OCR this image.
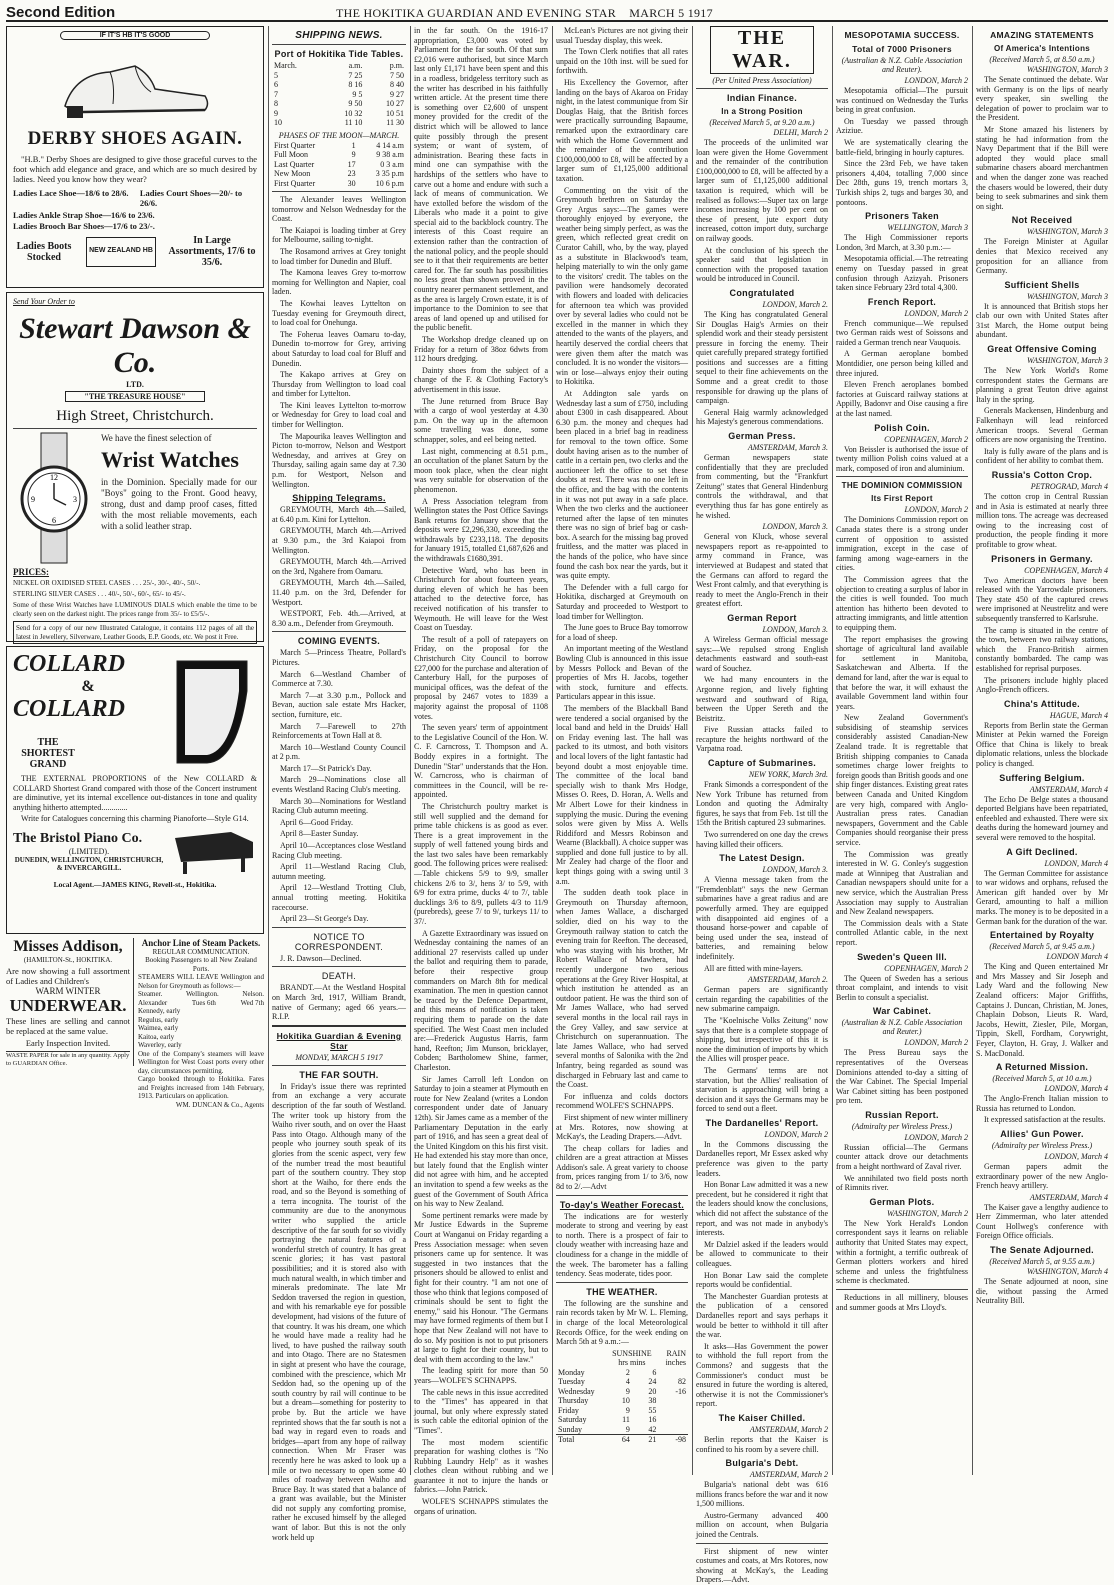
Second Edition	THE HOKITIKA GUARDIAN AND EVENING STAR MARCH 5 1917
IF IT'S HB IT'S GOOD
DERBY SHOES AGAIN.
"H.B." Derby Shoes are designed to give those graceful curves to the foot which add elegance and grace, and which are so much desired by ladies. Need you know how they wear?
Ladies Lace Shoe—18/6 to 28/6. Ladies Court Shoes—20/- to 26/6.
Ladies Ankle Strap Shoe—16/6 to 23/6.
Ladies Brooch Bar Shoes—17/6 to 23/-.
Ladies Boots Stocked
NEW ZEALAND HB
In Large Assortments, 17/6 to 35/6.
Send Your Order to
Stewart Dawson & Co.
LTD.
"THE TREASURE HOUSE"
High Street, Christchurch.
12
3
6
9
We have the finest selection of
Wrist Watches
in the Dominion. Specially made for our "Boys" going to the Front. Good heavy, strong, dust and damp proof cases, fitted with the most reliable movements, each with a solid leather strap.
PRICES:
NICKEL OR OXIDISED STEEL CASES . . . 25/-, 30/-, 40/-, 50/-.
STERLING SILVER CASES . . . 40/-, 50/-, 60/-, 65/- to 45/-.
Some of these Wrist Watches have LUMINOUS DIALS which enable the time to be clearly seen on the darkest night. The prices range from 35/- to £5/5/-.
Send for a copy of our new Illustrated Catalogue, it contains 112 pages of all the latest in Jewellery, Silverware, Leather Goods, E.P. Goods, etc. We post it Free.
COLLARD
&
COLLARD
THE SHORTEST GRAND
THE EXTERNAL PROPORTIONS of the New COLLARD & COLLARD Shortest Grand compared with those of the Concert instrument are diminutive, yet its internal excellence out-distances in tone and quality anything hitherto attempted.............
Write for Catalogues concerning this charming Pianoforte—Style G14.
The Bristol Piano Co.
(LIMITED).
DUNEDIN, WELLINGTON, CHRISTCHURCH, & INVERCARGILL.
Local Agent.—JAMES KING, Revell-st., Hokitika.
Misses Addison,
(HAMILTON-St., HOKITIKA.
Are now showing a full assortment of Ladies and Children's
WARM WINTER
UNDERWEAR.
These lines are selling and cannot be replaced at the same value.
Early Inspection Invited.
WASTE PAPER for sale in any quantity. Apply to GUARDIAN Office.
Anchor Line of Steam Packets.
REGULAR COMMUNICATION.
Booking Passengers to all New Zealand Ports.
STEAMERS WILL LEAVE Wellington and Nelson for Greymouth as follows:—
Steamer.	Wellington.	Nelson.
Alexander	Tues 6th	Wed 7th
Kennedy, early
Regulus, early
Waimea, early
Kaitoa, early
Waverley, early
One of the Company's steamers will leave Wellington for West Coast ports every other day, circumstances permitting.
Cargo booked through to Hokitika. Fares and Freights increased from 14th February, 1913. Particulars on application.
WM. DUNCAN & Co., Agents
SHIPPING NEWS.
Port of Hokitika Tide Tables.
March.	a.m.	p.m.
5	7 25	7 50
6	8 16	8 40
7	9 5	9 27
8	9 50	10 27
9	10 32	10 51
10	11 10	11 30
PHASES OF THE MOON—MARCH.
First Quarter	1	4 14 a.m
Full Moon	9	9 38 a.m
Last Quarter	17	0 3 a.m
New Moon	23	3 35 p.m
First Quarter	30	10 6 p.m
The Alexander leaves Wellington tomorrow and Nelson Wednesday for the Coast.
The Kaiapoi is loading timber at Grey for Melbourne, sailing to-night.
The Rosamond arrives at Grey tonight to load timber for Dunedin and Bluff.
The Kamona leaves Grey to-morrow morning for Wellington and Napier, coal laden.
The Kowhai leaves Lyttelton on Tuesday evening for Greymouth direct, to load coal for Onehunga.
The Foherua leaves Oamaru to-day, Dunedin to-morrow for Grey, arriving about Saturday to load coal for Bluff and Dunedin.
The Kakapo arrives at Grey on Thursday from Wellington to load coal and timber for Lyttelton.
The Kini leaves Lyttelton to-morrow or Wednesday for Grey to load coal and timber for Wellington.
The Mapourika leaves Wellington and Picton to-morrow, Nelson and Westport Wednesday, and arrives at Grey on Thursday, sailing again same day at 7.30 p.m. for Westport, Nelson and Wellington.
Shipping Telegrams.
GREYMOUTH, March 4th.—Sailed, at 6.40 p.m. Kini for Lyttelton.
GREYMOUTH, March 4th.—Arrived at 9.30 p.m., the 3rd Kaiapoi from Wellington.
GREYMOUTH, March 4th.—Arrived on the 3rd, Ngahere from Oamaru.
GREYMOUTH, March 4th.—Sailed, 11.40 p.m. on the 3rd, Defender for Westport.
WESTPORT, Feb. 4th.—Arrived, at 8.30 a.m., Defender from Greymouth.
COMING EVENTS.
March 5—Princess Theatre, Pollard's Pictures.
March 6—Westland Chamber of Commerce at 7.30.
March 7—at 3.30 p.m., Pollock and Bevan, auction sale estate Mrs Hacker, section, furniture, etc.
March 7—Farewell to 27th Reinforcements at Town Hall at 8.
March 10—Westland County Council at 2 p.m.
March 17—St Patrick's Day.
March 29—Nominations close all events Westland Racing Club's meeting.
March 30—Nominations for Westland Racing Club autumn meeting.
April 6—Good Friday.
April 8—Easter Sunday.
April 10—Acceptances close Westland Racing Club meeting.
April 11—Westland Racing Club, autumn meeting.
April 12—Westland Trotting Club, annual trotting meeting. Hokitika racecourse.
April 23—St George's Day.
NOTICE TO CORRESPONDENT.
J. R. Dawson—Declined.
DEATH.
BRANDT.—At the Westland Hospital on March 3rd, 1917, William Brandt, native of Germany; aged 66 years.—R.I.P.
Hokitika Guardian & Evening Star
MONDAY, MARCH 5 1917
THE FAR SOUTH.
In Friday's issue there was reprinted from an exchange a very accurate description of the far south of Westland. The writer took up history from the Waiho river south, and on over the Haast Pass into Otago. Although many of the people who journey south speak of its glories from the scenic aspect, very few of the number tread the most beautiful part of the southern country. They stop short at the Waiho, for there ends the road, and so the Beyond is something of a terra incognita. The tourist of the community are due to the anonymous writer who supplied the article descriptive of the far south for so vividly portraying the natural features of a wonderful stretch of country. It has great scenic glories; it has vast pastoral possibilities; and it is stored also with much natural wealth, in which timber and minerals predominate. The late Mr Seddon traversed the region in question, and with his remarkable eye for possible development, had visions of the future of that country. It was his dream, one which he would have made a reality had he lived, to have pushed the railway south and into Otago. There are no Statesmen in sight at present who have the courage, combined with the prescience, which Mr Seddon had, so the opening up of the south country by rail will continue to be but a dream—something for posterity to probe by. But the article we have reprinted shows that the far south is not a bad way in regard even to roads and bridges—apart from any hope of railway connection. When Mr Fraser was recently here he was asked to look up a mile or two necessary to open some 40 miles of roadway between Waiho and Bruce Bay. It was stated that a balance of a grant was available, but the Minister did not supply any comforting promise, rather he excused himself by the alleged want of labor. But this is not the only work held up
in the far south. On the 1916-17 appropriation, £3,000 was voted by Parliament for the far south. Of that sum £2,016 were authorised, but since March last only £1,171 have been spent and this in a roadless, bridgeless territory such as the writer has described in his faithfully written article. At the present time there is something over £2,600 of unspent money provided for the credit of the district which will be allowed to lance quite possibly through the present system; or want of system, of administration. Bearing these facts in mind one can sympathise with the hardships of the settlers who have to carve out a home and endure with such a lack of means of communication. We have extolled before the wisdom of the Liberals who made it a point to give special aid to the backblock country. The interests of this Coast require an extension rather than the contraction of the national policy, and the people should see to it that their requirements are better cared for. The far south has possibilities no less great than shown proved in the country nearer permanent settlement, and as the area is largely Crown estate, it is of importance to the Dominion to see that areas of land opened up and utilised for the public benefit.
The Workshop dredge cleaned up on Friday for a return of 38oz 6dwts from 112 hours dredging.
Dainty shoes from the subject of a change of the F. & Clothing Factory's advertisement in this issue.
The June returned from Bruce Bay with a cargo of wool yesterday at 4.30 p.m. On the way up in the afternoon some travelling was done, some schnapper, soles, and eel being netted.
Last night, commencing at 8.51 p.m., an occultation of the planet Saturn by the moon took place, when the clear night was very suitable for observation of the phenomenon.
A Press Association telegram from Wellington states the Post Office Savings Bank returns for January show that the deposits were £2,296,330, exceeding the withdrawals by £233,118. The deposits for January 1915, totalled £1,687,626 and the withdrawals £1680,391.
Detective Ward, who has been in Christchurch for about fourteen years, during eleven of which he has been attached to the detective force, has received notification of his transfer to Weymouth. He will leave for the West Coast on Tuesday.
The result of a poll of ratepayers on Friday, on the proposal for the Christchurch City Council to borrow £27,000 for the purchase and alteration of Canterbury Hall, for the purposes of municipal offices, was the defeat of the proposal by 2467 votes to 1839 a majority against the proposal of 1108 votes.
The seven years' term of appointment to the Legislative Council of the Hon. W. C. F. Carncross, T. Thompson and A. Boddy expires in a fortnight. The Dunedin "Star" understands that the Hon. W. Carncross, who is chairman of committees in the Council, will be re-appointed.
The Christchurch poultry market is still well supplied and the demand for prime table chickens is as good as ever. There is a great improvement in the supply of well fattened young birds and the last two sales have been remarkably good. The following prices were realised:—Table chickens 5/9 to 9/9, smaller chickens 2/6 to 3/, hens 3/ to 5/9, with 6/9 for extra prime, ducks 4/ to 7/, table ducklings 3/6 to 8/9, pullets 4/3 to 11/9 (purebreds), geese 7/ to 9/, turkeys 11/ to 37/.
A Gazette Extraordinary was issued on Wednesday containing the names of an additional 27 reservists called up under the ballot and requiring them to parade, before their respective group commanders on March 8th for medical examination. The men in question cannot be traced by the Defence Department, and this means of notification is taken requiring them to parade on the date specified. The West Coast men included are:—Frederick Augustus Harris, farm hand, Reefton; Jim Munson, bricklayer, Cobden; Bartholomew Shine, farmer, Charleston.
Sir James Carroll left London on Saturday to join a steamer at Plymouth en route for New Zealand (writes a London correspondent under date of January 12th). Sir James came as a member of the Parliamentary Deputation in the early part of 1916, and has seen a great deal of the United Kingdom on this his first visit. He had extended his stay more than once, but lately found that the English winter did not agree with him, and he accepted an invitation to spend a few weeks as the guest of the Government of South Africa on his way to New Zealand.
Some pertinent remarks were made by Mr Justice Edwards in the Supreme Court at Wanganui on Friday regarding a Press Association message: when seven prisoners came up for sentence. It was suggested in two instances that the prisoners should be allowed to enlist and fight for their country. "I am not one of those who think that legions composed of criminals should be sent to fight the enemy," said his Honour. "The Germans may have formed regiments of them but I hope that New Zealand will not have to do so. My position is not to put prisoners at large to fight for their country, but to deal with them according to the law."
The leading spirit for more than 50 years—WOLFE'S SCHNAPPS.
The cable news in this issue accredited to the "Times" has appeared in that journal, but only where expressly stated is such cable the editorial opinion of the "Times".
The most modern scientific preparation for washing clothes is "No Rubbing Laundry Help" as it washes clothes clean without rubbing and we guarantee it not to injure the hands or fabrics.—John Patrick.
WOLFE'S SCHNAPPS stimulates the organs of urination.
McLean's Pictures are not giving their usual Tuesday display, this week.
The Town Clerk notifies that all rates unpaid on the 10th inst. will be sued for forthwith.
His Excellency the Governor, after landing on the bays of Akaroa on Friday night, in the latest communique from Sir Douglas Haig, that the British forces were practically surrounding Bapaume, remarked upon the extraordinary care with which the Home Government and the remainder of the contribution £100,000,000 to £8, will be affected by a larger sum of £1,125,000 additional taxation.
Commenting on the visit of the Greymouth brethren on Saturday the Grey Argus says:—The games were thoroughly enjoyed by everyone, the weather being simply perfect, as was the green, which reflected great credit on Curator Cahill, who, by the way, played as a substitute in Blackwood's team, helping materially to win the only game to the visitors' credit. The tables on the pavilion were handsomely decorated with flowers and loaded with delicacies for afternoon tea which was provided over by several ladies who could not be excelled in the manner in which they attended to the wants of the players, and heartily deserved the cordial cheers that were given them after the match was concluded. It is no wonder the visitors—win or lose—always enjoy their outing to Hokitika.
At Addington sale yards on Wednesday last a sum of £750, including about £300 in cash disappeared. About 6.30 p.m. the money and cheques had been placed in a brief bag in readiness for removal to the town office. Some doubt having arisen as to the number of cattle in a certain pen, two clerks and the auctioneer left the office to set these doubts at rest. There was no one left in the office, and the bag with the contents in it was not put away in a safe place. When the two clerks and the auctioneer returned after the lapse of ten minutes there was no sign of brief bag or cash-box. A search for the missing bag proved fruitless, and the matter was placed in the hands of the police, who have since found the cash box near the yards, but it was quite empty.
The Defender with a full cargo for Hokitika, discharged at Greymouth on Saturday and proceeded to Westport to load timber for Wellington.
The June goes to Bruce Bay tomorrow for a load of sheep.
An important meeting of the Westland Bowling Club is announced in this issue by Messrs Pollock and Bevan of the properties of Mrs H. Jacobs, together with stock, furniture and effects. Particulars appear in this issue.
The members of the Blackball Band were tendered a social organised by the local band and held in the Druids' Hall on Friday evening last. The hall was packed to its utmost, and both visitors and local lovers of the light fantastic had beyond doubt a most enjoyable time. The committee of the local band specially wish to thank Mrs Hodge, Misses O. Rees, D. Horan, A. Wells and Mr Albert Lowe for their kindness in supplying the music. During the evening solos were given by Miss A. Wells Riddiford and Messrs Robinson and Wearne (Blackball). A choice supper was supplied and done full justice to by all. Mr Zealey had charge of the floor and kept things going with a swing until 3 a.m.
The sudden death took place in Greymouth on Thursday afternoon, when James Wallace, a discharged soldier, died on his way to the Greymouth railway station to catch the evening train for Reefton. The deceased, who was staying with his brother, Mr Robert Wallace of Mawhera, had recently undergone two serious operations at the Grey River Hospital, at which institution he attended as an outdoor patient. He was the third son of Mr James Wallace, who had served several months in the local rail rays in the Grey Valley, and saw service at Christchurch on superannuation. The late James Wallace, who had served several months of Salonika with the 2nd Infantry, being regarded as sound was discharged in February last and came to the Coast.
For influenza and colds doctors recommend WOLFE'S SCHNAPPS.
First shipment of new winter millinery at Mrs. Rotores, now showing at McKay's, the Leading Drapers.—Advt.
The cheap collars for ladies and children are a great attraction at Misses Addison's sale. A great variety to choose from, prices ranging from 1/ to 3/6, now 8d to 2/.—Advt
To-day's Weather Forecast.
The indications are for westerly moderate to strong and veering by east to north. There is a prospect of fair to cloudy weather with increasing haze and cloudiness for a change in the middle of the week. The barometer has a falling tendency. Seas moderate, tides poor.
THE WEATHER.
The following are the sunshine and rain records taken by Mr W. L. Fleming, in charge of the local Meteorological Records Office, for the week ending on March 5th at 9 a.m.:—
	SUNSHINE		RAIN
	hrs mins		inches
Monday	2	6	
Tuesday	4	24	82
Wednesday	9	20	-16
Thursday	10	38	
Friday	9	55	
Saturday	11	16	
Sunday	9	42	
Total	64	21	-98
THE WAR.
(Per United Press Association)
Indian Finance.
In a Strong Position
(Received March 5, at 9.20 a.m.)
DELHI, March 2
The proceeds of the unlimited war loan were given the Home Government and the remainder of the contribution £100,000,000 to £8, will be affected by a larger sum of £1,125,000 additional taxation is required, which will be realised as follows:—Super tax on large incomes increasing by 100 per cent on these of present, jute export duty increased, cotton import duty, surcharge on railway goods.
At the conclusion of his speech the speaker said that legislation in connection with the proposed taxation would be introduced in Council.
Congratulated
LONDON, March 2.
The King has congratulated General Sir Douglas Haig's Armies on their splendid work and their steady persistent pressure in forcing the enemy. Their quiet carefully prepared strategy fortified positions and successes are a fitting sequel to their fine achievements on the Somme and a great credit to those responsible for drawing up the plans of campaign.
General Haig warmly acknowledged his Majesty's generous commendations.
German Press.
AMSTERDAM, March 3.
German newspapers state confidentially that they are precluded from commenting, but the "Frankfurt Zeitung" states that General Hindenburg controls the withdrawal, and that everything thus far has gone entirely as he wished.
LONDON, March 3.
General von Kluck, whose several newspapers report as re-appointed to army command in France, was interviewed at Budapest and stated that the Germans can afford to regard the West Front calmly, and that everything is ready to meet the Anglo-French in their greatest effort.
German Report
LONDON, March 3.
A Wireless German official message says:—We repulsed strong English detachments eastward and south-east ward of Souchez.
We had many encounters in the Argonne region, and lively fighting westward and southward of Riga, between the Upper Sereth and the Beistritz.
Five Russian attacks failed to recapture the heights northward of the Varpatna road.
Capture of Submarines.
NEW YORK, March 3rd.
Frank Simonds a correspondent of the New York Tribune has returned from London and quoting the Admiralty figures, he says that from Feb. 1st till the 15th the British captured 23 submarines.
Two surrendered on one day the crews having killed their officers.
The Latest Design.
LONDON, March 3.
A Vienna message taken from the "Fremdenblatt" says the new German submarines have a great radius and are powerfully armed. They are equipped with disappointed aid engines of a thousand horse-power and capable of being used under the sea, instead of batteries, and remaining below indefinitely.
All are fitted with mine-layers.
AMSTERDAM, March 2.
German papers are significantly certain regarding the capabilities of the new submarine campaign.
The "Koelnische Volks Zeitung" now says that there is a complete stoppage of shipping, but irrespective of this it is none the diminution of imports by which the Allies will prosper peace.
The Germans' terms are not starvation, but the Allies' realisation of starvation is approaching will bring a decision and it says the Germans may be forced to send out a fleet.
The Dardanelles' Report.
LONDON, March 2
In the Commons discussing the Dardanelles report, Mr Essex asked why preference was given to the party leaders.
Hon Bonar Law admitted it was a new precedent, but he considered it right that the leaders should know the conclusions, which did not affect the substance of the report, and was not made in anybody's interests.
Mr Dalziel asked if the leaders would be allowed to communicate to their colleagues.
Hon Bonar Law said the complete reports would be confidential.
The Manchester Guardian protests at the publication of a censored Dardanelles report and says perhaps it would be better to withhold it till after the war.
It asks—Has Government the power to withhold the full report from the Commons? and suggests that the Commissioner's conduct must be ensured in future the wording is altered, otherwise it is not the Commissioner's report.
The Kaiser Chilled.
AMSTERDAM, March 2
Berlin reports that the Kaiser is confined to his room by a severe chill.
Bulgaria's Debt.
AMSTERDAM, March 2
Bulgaria's national debt was 616 millions francs before the war and it now 1,500 millions.
Austro-Germany advanced 400 million on account, when Bulgaria joined the Centrals.
First shipment of new winter costumes and coats, at Mrs Rotores, now showing at McKay's, the Leading Drapers.—Advt.
MESOPOTAMIA SUCCESS.
Total of 7000 Prisoners
(Australian & N.Z. Cable Association and Reuter).
LONDON, March 2
Mesopotamia official—The pursuit was continued on Wednesday the Turks being in great confusion.
On Tuesday we passed through Aziziue.
We are systematically clearing the battle-field, bringing in hourly captures.
Since the 23rd Feb, we have taken prisoners 4,404, totalling 7,000 since Dec 28th, guns 19, trench mortars 3, Turkish ships 2, tugs and barges 30, and pontoons.
Prisoners Taken
WELLINGTON, March 3
The High Commissioner reports London, 3rd March, at 3.30 p.m.:—
Mesopotamia official.—The retreating enemy on Tuesday passed in great confusion through Azizyah. Prisoners taken since February 23rd total 4,300.
French Report.
LONDON, March 2
French communique—We repulsed two German raids west of Soissons and raided a German trench near Vauquois.
A German aeroplane bombed Montdidier, one person being killed and three injured.
Eleven French aeroplanes bombed factories at Guiscard railway stations at Appilly, Badonvr and Oise causing a fire at the last named.
Polish Coin.
COPENHAGEN, March 2
Von Beissler is authorised the issue of twenty million Polish coins valued at a mark, composed of iron and aluminium.
THE DOMINION COMMISSION
Its First Report
LONDON, March 2
The Dominions Commission report on Canada states there is a strong under current of opposition to assisted immigration, except in the case of farming among wage-earners in the cities.
The Commission agrees that the objection to creating a surplus of labor in the cities is well founded. Too much attention has hitherto been devoted to attracting immigrants, and little attention to equipping them.
The report emphasises the growing shortage of agricultural land available for settlement in Manitoba, Saskatchewan and Alberta. If the demand for land, after the war is equal to that before the war, it will exhaust the available Government land within four years.
New Zealand Government's subsidising of steamship services considerably assisted Canadian-New Zealand trade. It is regrettable that British shipping companies to Canada sometimes charge lower freights to foreign goods than British goods and one ship finger distances. Existing great rates between Canada and United Kingdom are very high, compared with Anglo-Australian press rates. Canadian newspapers, Government and the Cable Companies should reorganise their press service.
The Commission was greatly interested in W. G. Conley's suggestion made at Winnipeg that Australian and Canadian newspapers should unite for a new service, which the Australian Press Association may supply to Australian and New Zealand newspapers.
The Commission deals with a State controlled Atlantic cable, in the next report.
Sweden's Queen Ill.
COPENHAGEN, March 2
The Queen of Sweden has a serious throat complaint, and intends to visit Berlin to consult a specialist.
War Cabinet.
(Australian & N.Z. Cable Association and Reuter.)
LONDON, March 2
The Press Bureau says the representatives of the Overseas Dominions attended to-day a sitting of the War Cabinet. The Special Imperial War Cabinet sitting has been postponed pro tem.
Russian Report.
(Admiralty per Wireless Press.)
LONDON, March 2
Russian official—The Germans counter attack drove our detachments from a height northward of Zaval river.
We annihilated two field posts north of Rimnits river.
German Plots.
WASHINGTON, March 2
The New York Herald's London correspondent says it learns on reliable authority that United States may expect, within a fortnight, a terrific outbreak of German plotters workers and hired scheme and unless the frightfulness scheme is checkmated.
Reductions in all millinery, blouses and summer goods at Mrs Lloyd's.
AMAZING STATEMENTS
Of America's Intentions
(Received March 5, at 8.50 a.m.)
WASHINGTON, March 3
The Senate continued the debate. War with Germany is on the lips of nearly every speaker, sin swelling the delegation of power to proclaim war to the President.
Mr Stone amazed his listeners by stating he had information from the Navy Department that if the Bill were adopted they would place small submarine chasers aboard merchantmen and when the danger zone was reached the chasers would be lowered, their duty being to seek submarines and sink them on sight.
Not Received
WASHINGTON, March 3
The Foreign Minister at Aguilar denies that Mexico received any proposition for an alliance from Germany.
Sufficient Shells
WASHINGTON, March 3
It is announced that British stops her clab our own with United States after 31st March, the Home output being abundant.
Great Offensive Coming
WASHINGTON, March 3
The New York World's Rome correspondent states the Germans are planning a great Teuton drive against Italy in the spring.
Generals Mackensen, Hindenburg and Falkenhayn will lead reinforced American troops. Several German officers are now organising the Trentino.
Italy is fully aware of the plans and is confident of her ability to combat them.
Russia's Cotton Crop.
PETROGRAD, March 4
The cotton crop in Central Russian and in Asia is estimated at nearly three million tons. The acreage was decreased owing to the increasing cost of production, the people finding it more profitable to grow wheat.
Prisoners in Germany.
COPENHAGEN, March 4
Two American doctors have been released with the Yarrowdale prisoners. They state 450 of the captured crews were imprisoned at Neustrelitz and were subsequently transferred to Karlsruhe.
The camp is situated in the centre of the town, between two railway stations, which the Franco-British airmen constantly bombarded. The camp was established for reprisal purposes.
The prisoners include highly placed Anglo-French officers.
China's Attitude.
HAGUE, March 4
Reports from Berlin state the German Minister at Pekin warned the Foreign Office that China is likely to break diplomatic relations, unless the blockade policy is changed.
Suffering Belgium.
AMSTERDAM, March 4
The Echo De Belge states a thousand deported Belgians have been repatriated, enfeebled and exhausted. There were six deaths during the homeward journey and several were removed to the hospital.
A Gift Declined.
LONDON, March 4
The German Committee for assistance to war widows and orphans, refused the American gift handed over by Mr Gerard, amounting to half a million marks. The money is to be deposited in a German bank for the duration of the war.
Entertained by Royalty
(Received March 5, at 9.45 a.m.)
LONDON March 4
The King and Queen entertained Mr and Mrs Massey and Sir Joseph and Lady Ward and the following New Zealand officers: Major Griffiths, Captains J. Duncan, Christian, M. Jones, Chaplain Dobson, Lieuts R. Ward, Jacobs, Hewitt, Ziesler, Pile, Morgan, Tippin, Skell, Fordham, Corywright, Feyer, Clayton, H. Gray, J. Walker and S. MacDonald.
A Returned Mission.
(Received March 5, at 10 a.m.)
LONDON, March 4
The Anglo-French Italian mission to Russia has returned to London.
It expressed satisfaction at the results.
Allies' Gun Power.
(Admiralty per Wireless Press.)
LONDON, March 4
German papers admit the extraordinary power of the new Anglo-French heavy artillery.
AMSTERDAM, March 4
The Kaiser gave a lengthy audience to Herr Zimmerman, who later attended Count Hollweg's conference with Foreign Office officials.
The Senate Adjourned.
(Received March 5, at 9.55 a.m.)
WASHINGTON, March 4
The Senate adjourned at noon, sine die, without passing the Armed Neutrality Bill.
